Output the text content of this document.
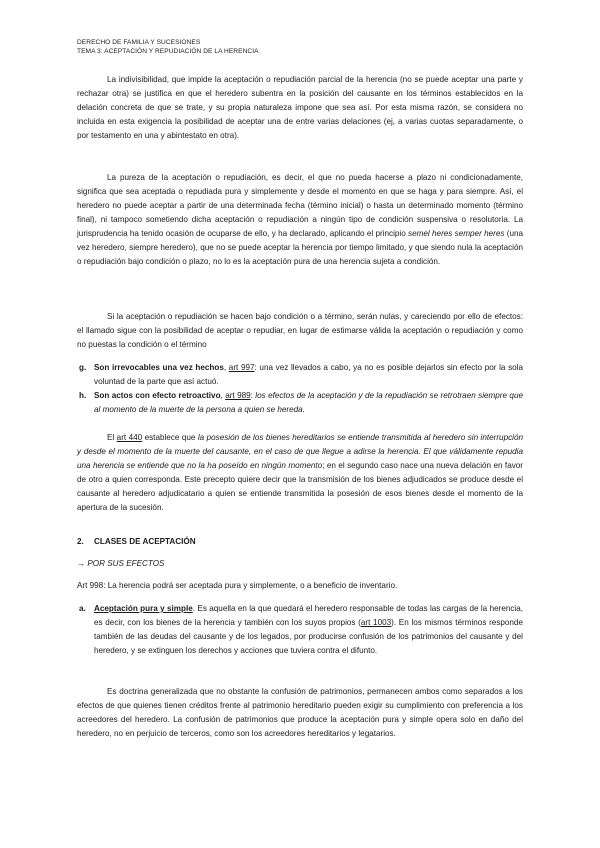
DERECHO DE FAMILIA Y SUCESIONES
TEMA 3: ACEPTACIÓN Y REPUDIACIÓN DE LA HERENCIA

La indivisibilidad, que impide la aceptación o repudiación parcial de la herencia (no se puede aceptar una parte y rechazar otra) se justifica en que el heredero subentra en la posición del causante en los términos establecidos en la delación concreta de que se trate, y su propia naturaleza impone que sea así. Por esta misma razón, se considera no incluida en esta exigencia la posibilidad de aceptar una de entre varias delaciones (ej, a varias cuotas separadamente, o por testamento en una y abintestato en otra).

La pureza de la aceptación o repudiación, es decir, el que no pueda hacerse a plazo ni condicionadamente, significa que sea aceptada o repudiada pura y simplemente y desde el momento en que se haga y para siempre. Así, el heredero no puede aceptar a partir de una determinada fecha (término inicial) o hasta un determinado momento (término final), ni tampoco sometiendo dicha aceptación o repudiación a ningún tipo de condición suspensiva o resolutoria. La jurisprudencia ha tenido ocasión de ocuparse de ello, y ha declarado, aplicando el principio semel heres semper heres (una vez heredero, siempre heredero), que no se puede aceptar la herencia por tiempo limitado, y que siendo nula la aceptación o repudiación bajo condición o plazo, no lo es la aceptación pura de una herencia sujeta a condición.

Si la aceptación o repudiación se hacen bajo condición o a término, serán nulas, y careciendo por ello de efectos: el llamado sigue con la posibilidad de aceptar o repudiar, en lugar de estimarse válida la aceptación o repudiación y como no puestas la condición o el término

g. Son irrevocables una vez hechos, art 997: una vez llevados a cabo, ya no es posible dejarlos sin efecto por la sola voluntad de la parte que así actuó.

h. Son actos con efecto retroactivo, art 989: los efectos de la aceptación y de la repudiación se retrotraen siempre que al momento de la muerte de la persona a quien se hereda.

El art 440 establece que la posesión de los bienes hereditarios se entiende transmitida al heredero sin interrupción y desde el momento de la muerte del causante, en el caso de que llegue a adirse la herencia. El que válidamente repudia una herencia se entiende que no la ha poseído en ningún momento; en el segundo caso nace una nueva delación en favor de otro a quien corresponda. Este precepto quiere decir que la transmisión de los bienes adjudicados se produce desde el causante al heredero adjudicatario a quien se entiende transmitida la posesión de esos bienes desde el momento de la apertura de la sucesión.

2. CLASES DE ACEPTACIÓN
→ POR SUS EFECTOS

Art 998: La herencia podrá ser aceptada pura y simplemente, o a beneficio de inventario.

a. Aceptación pura y simple. Es aquella en la que quedará el heredero responsable de todas las cargas de la herencia, es decir, con los bienes de la herencia y también con los suyos propios (art 1003). En los mismos términos responde también de las deudas del causante y de los legados, por producirse confusión de los patrimonios del causante y del heredero, y se extinguen los derechos y acciones que tuviera contra el difunto.

Es doctrina generalizada que no obstante la confusión de patrimonios, permanecen ambos como separados a los efectos de que quienes tienen créditos frente al patrimonio hereditario pueden exigir su cumplimiento con preferencia a los acreedores del heredero. La confusión de patrimonios que produce la aceptación pura y simple opera solo en daño del heredero, no en perjuicio de terceros, como son los acreedores hereditarios y legatarios.
